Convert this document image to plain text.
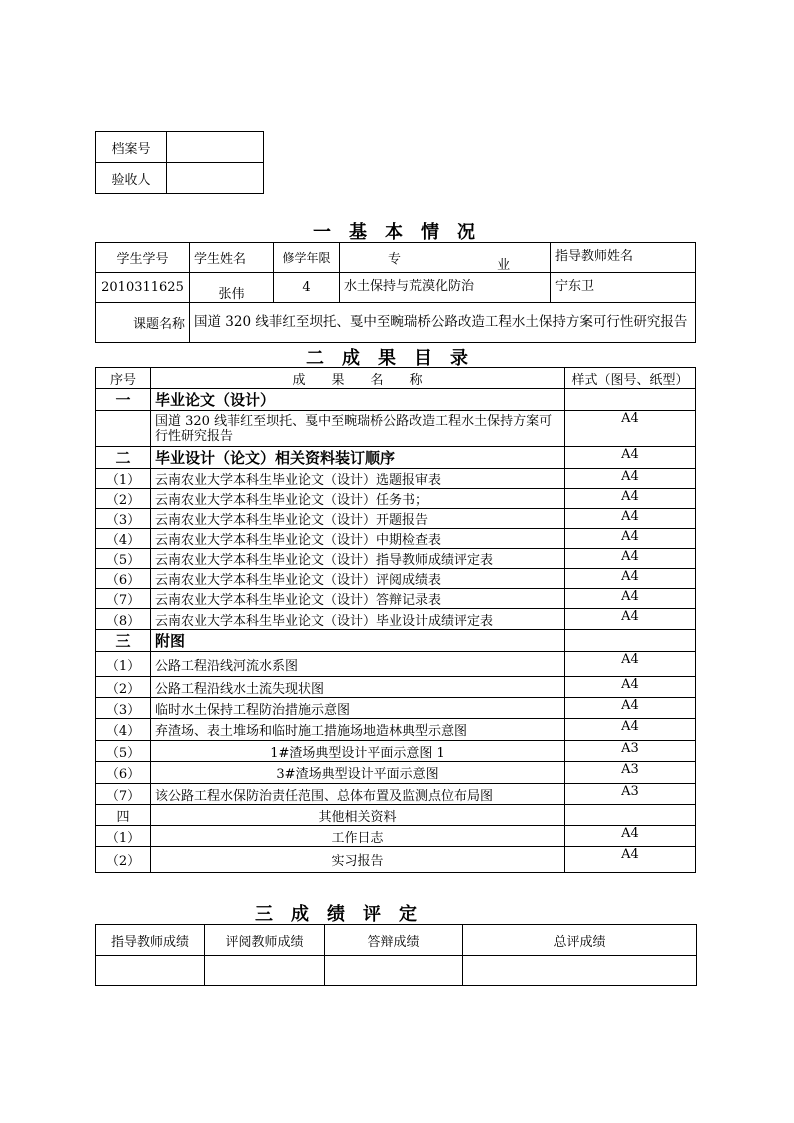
档案号	
验收人	
一　基　本　情　况
学生学号	学生姓名	修学年限	专 业	指导教师姓名
2010311625	张伟	4	水土保持与荒漠化防治	宁东卫
课题名称	国道 320 线菲红至坝托、戛中至畹瑞桥公路改造工程水土保持方案可行性研究报告			
二　成　果　目　录
序号	成　　果　　名　　称	样式（图号、纸型）
一	毕业论文（设计）	
	国道 320 线菲红至坝托、戛中至畹瑞桥公路改造工程水土保持方案可行性研究报告	A4
二	毕业设计（论文）相关资料装订顺序	A4
（1）	云南农业大学本科生毕业论文（设计）选题报审表	A4
（2）	云南农业大学本科生毕业论文（设计）任务书；	A4
（3）	云南农业大学本科生毕业论文（设计）开题报告	A4
（4）	云南农业大学本科生毕业论文（设计）中期检查表	A4
（5）	云南农业大学本科生毕业论文（设计）指导教师成绩评定表	A4
（6）	云南农业大学本科生毕业论文（设计）评阅成绩表	A4
（7）	云南农业大学本科生毕业论文（设计）答辩记录表	A4
（8）	云南农业大学本科生毕业论文（设计）毕业设计成绩评定表	A4
三	附图	
（1）	公路工程沿线河流水系图	A4
（2）	公路工程沿线水土流失现状图	A4
（3）	临时水土保持工程防治措施示意图	A4
（4）	弃渣场、表土堆场和临时施工措施场地造林典型示意图	A4
（5）	1#渣场典型设计平面示意图 1	A3
（6）	3#渣场典型设计平面示意图	A3
（7）	该公路工程水保防治责任范围、总体布置及监测点位布局图	A3
四	其他相关资料	
（1）	工作日志	A4
（2）	实习报告	A4
三　成　绩　评　定
指导教师成绩	评阅教师成绩	答辩成绩	总评成绩
